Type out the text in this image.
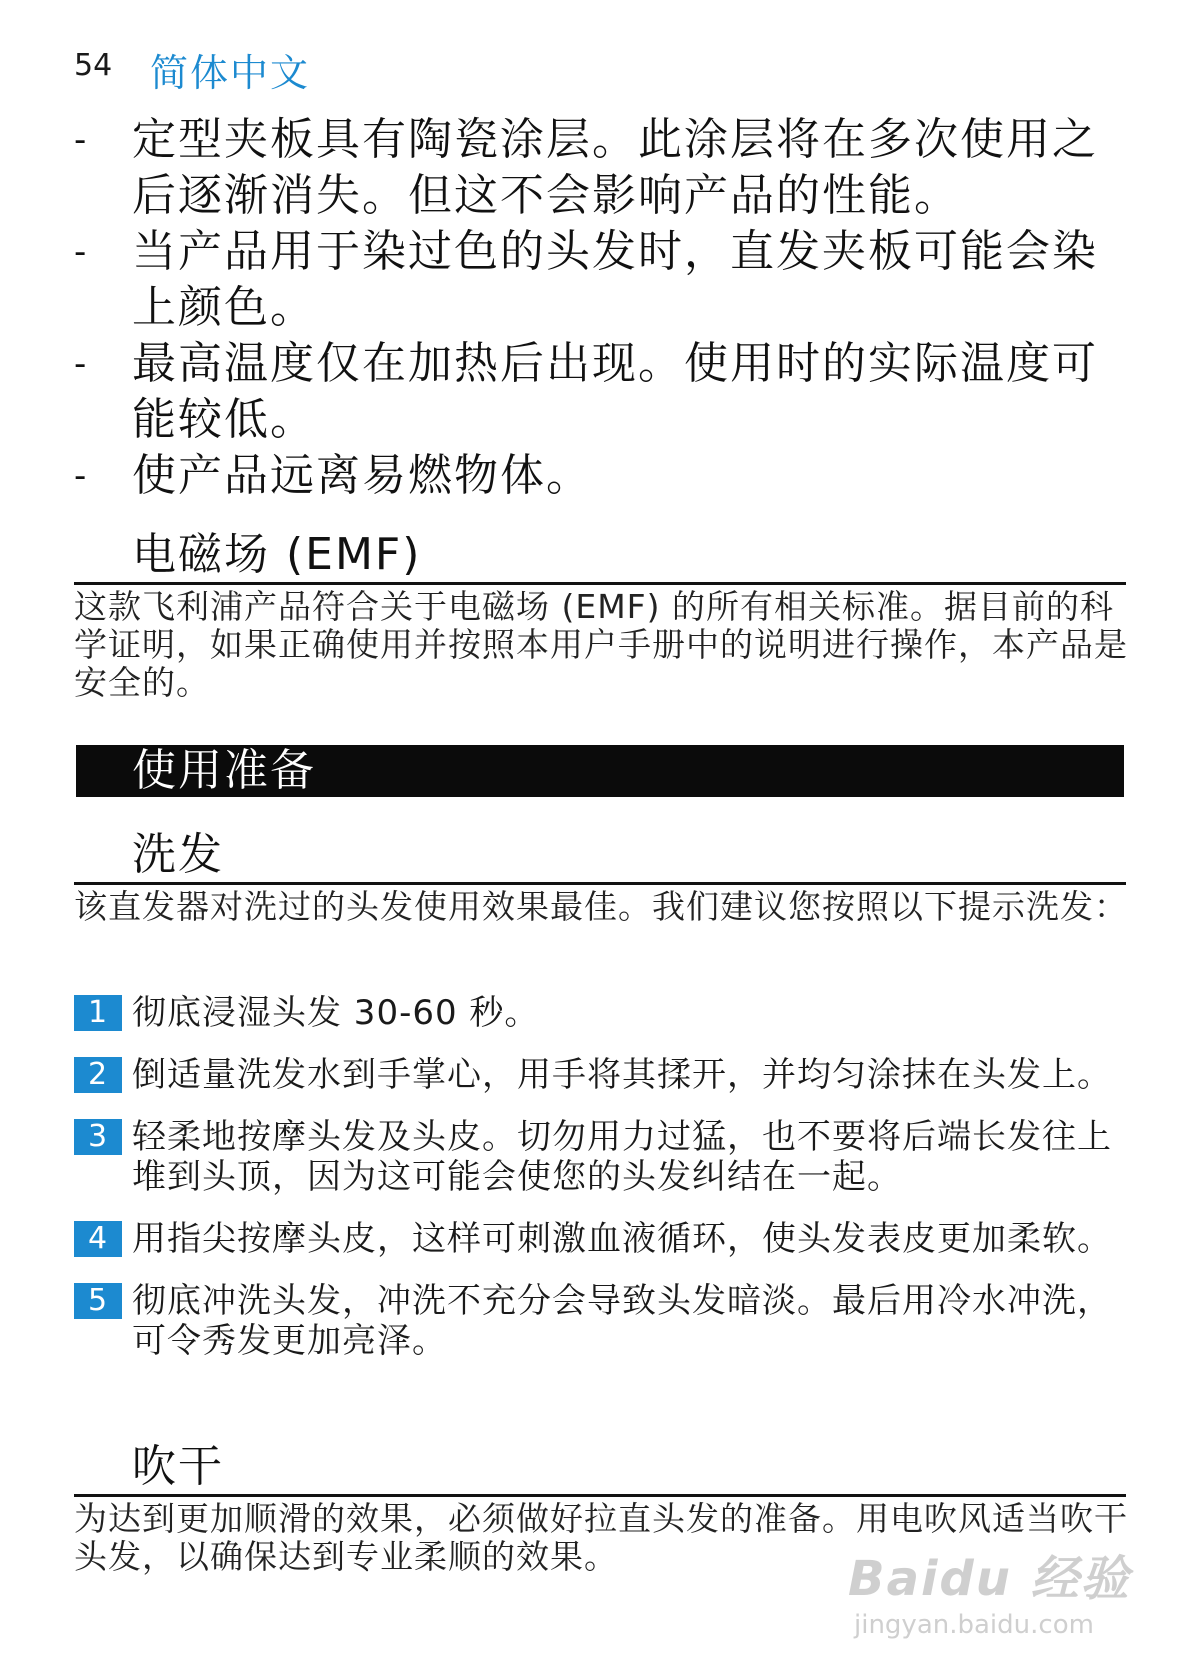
54 简体中文
- 定型夹板具有陶瓷涂层。此涂层将在多次使用之后逐渐消失。但这不会影响产品的性能。
- 当产品用于染过色的头发时，直发夹板可能会染上颜色。
- 最高温度仅在加热后出现。使用时的实际温度可能较低。
- 使产品远离易燃物体。
电磁场 (EMF)
这款飞利浦产品符合关于电磁场 (EMF) 的所有相关标准。据目前的科学证明，如果正确使用并按照本用户手册中的说明进行操作，本产品是安全的。
使用准备
洗发
该直发器对洗过的头发使用效果最佳。我们建议您按照以下提示洗发：
1 彻底浸湿头发 30-60 秒。
2 倒适量洗发水到手掌心，用手将其揉开，并均匀涂抹在头发上。
3 轻柔地按摩头发及头皮。切勿用力过猛，也不要将后端长发往上堆到头顶，因为这可能会使您的头发纠结在一起。
4 用指尖按摩头皮，这样可刺激血液循环，使头发表皮更加柔软。
5 彻底冲洗头发，冲洗不充分会导致头发暗淡。最后用冷水冲洗，可令秀发更加亮泽。
吹干
为达到更加顺滑的效果，必须做好拉直头发的准备。用电吹风适当吹干头发，以确保达到专业柔顺的效果。	Baidu 经验
jingyan.baidu.com
